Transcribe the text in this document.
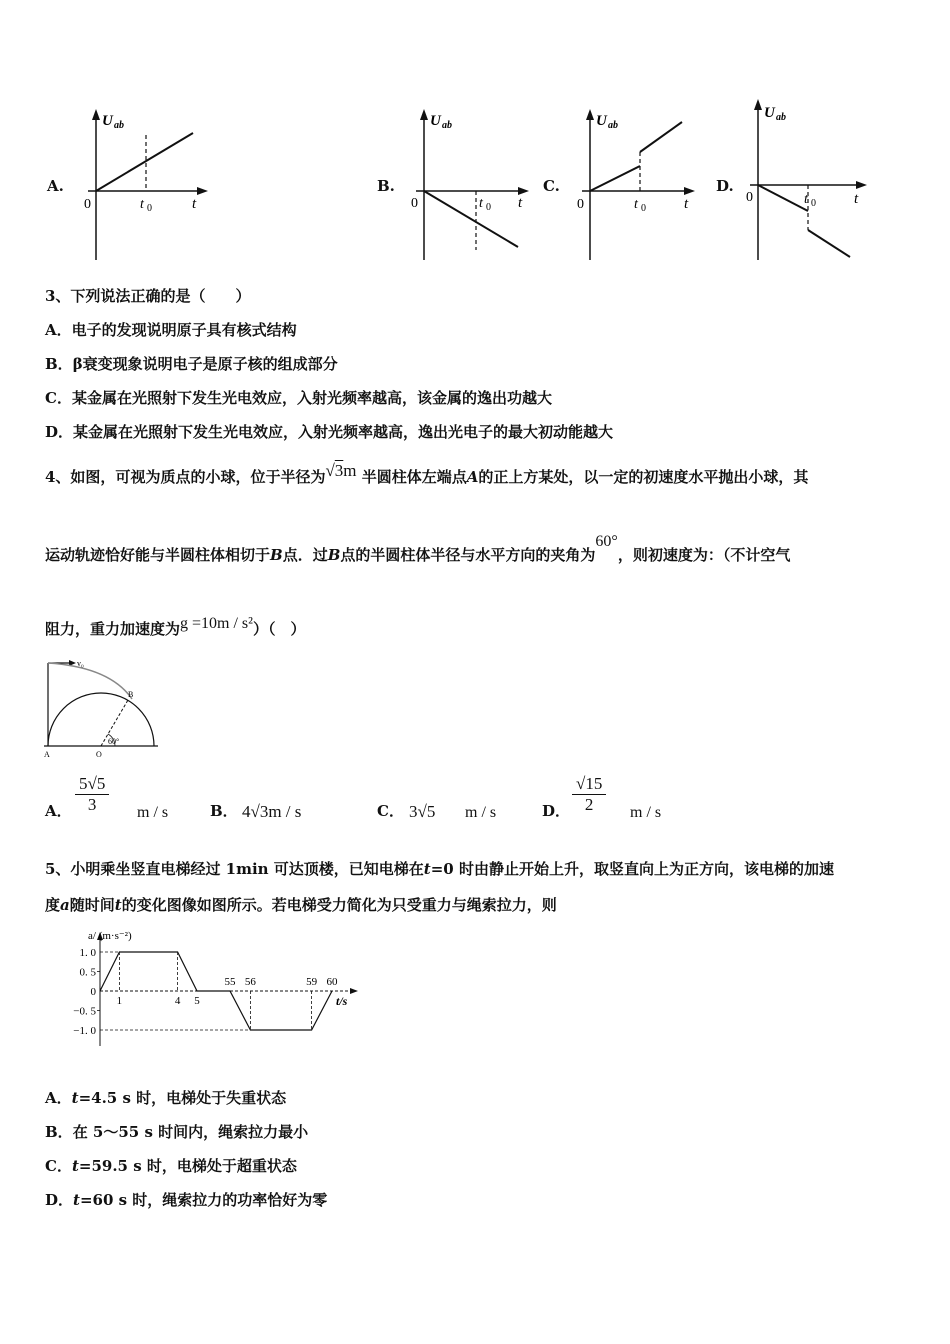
A.
U ab
0	t 0	t
B.
U ab
0	t 0 t
C.
U ab
0	t 0	t
D.
U ab
0	t 0	t
3、下列说法正确的是（　　）
A．电子的发现说明原子具有核式结构
B．β衰变现象说明电子是原子核的组成部分
C．某金属在光照射下发生光电效应，入射光频率越高，该金属的逸出功越大
D．某金属在光照射下发生光电效应，入射光频率越高，逸出光电子的最大初动能越大
4、如图，可视为质点的小球，位于半径为√3m 半圆柱体左端点A的正上方某处，以一定的初速度水平抛出小球，其
运动轨迹恰好能与半圆柱体相切于B点．过B点的半圆柱体半径与水平方向的夹角为60°，则初速度为：（不计空气
阻力，重力加速度为g =10m / s²）（　）
v₀
B
A	O
60°
A． $\frac{5√5}{3}$ m / s	B． 4√3m / s	C． 3√5 m / s	D． $\frac{√15}{2}$ m / s
5、小明乘坐竖直电梯经过 1min 可达顶楼，已知电梯在t=0 时由静止开始上升，取竖直向上为正方向，该电梯的加速
度a随时间t的变化图像如图所示。若电梯受力简化为只受重力与绳索拉力，则
1. 0
0. 5
0
−0. 5
−1. 0
1	4 5
55 56	59 60
a/ (m·s⁻²)
t/s
A．t=4.5 s 时，电梯处于失重状态
B．在 5～55 s 时间内，绳索拉力最小
C．t=59.5 s 时，电梯处于超重状态
D．t=60 s 时，绳索拉力的功率恰好为零
